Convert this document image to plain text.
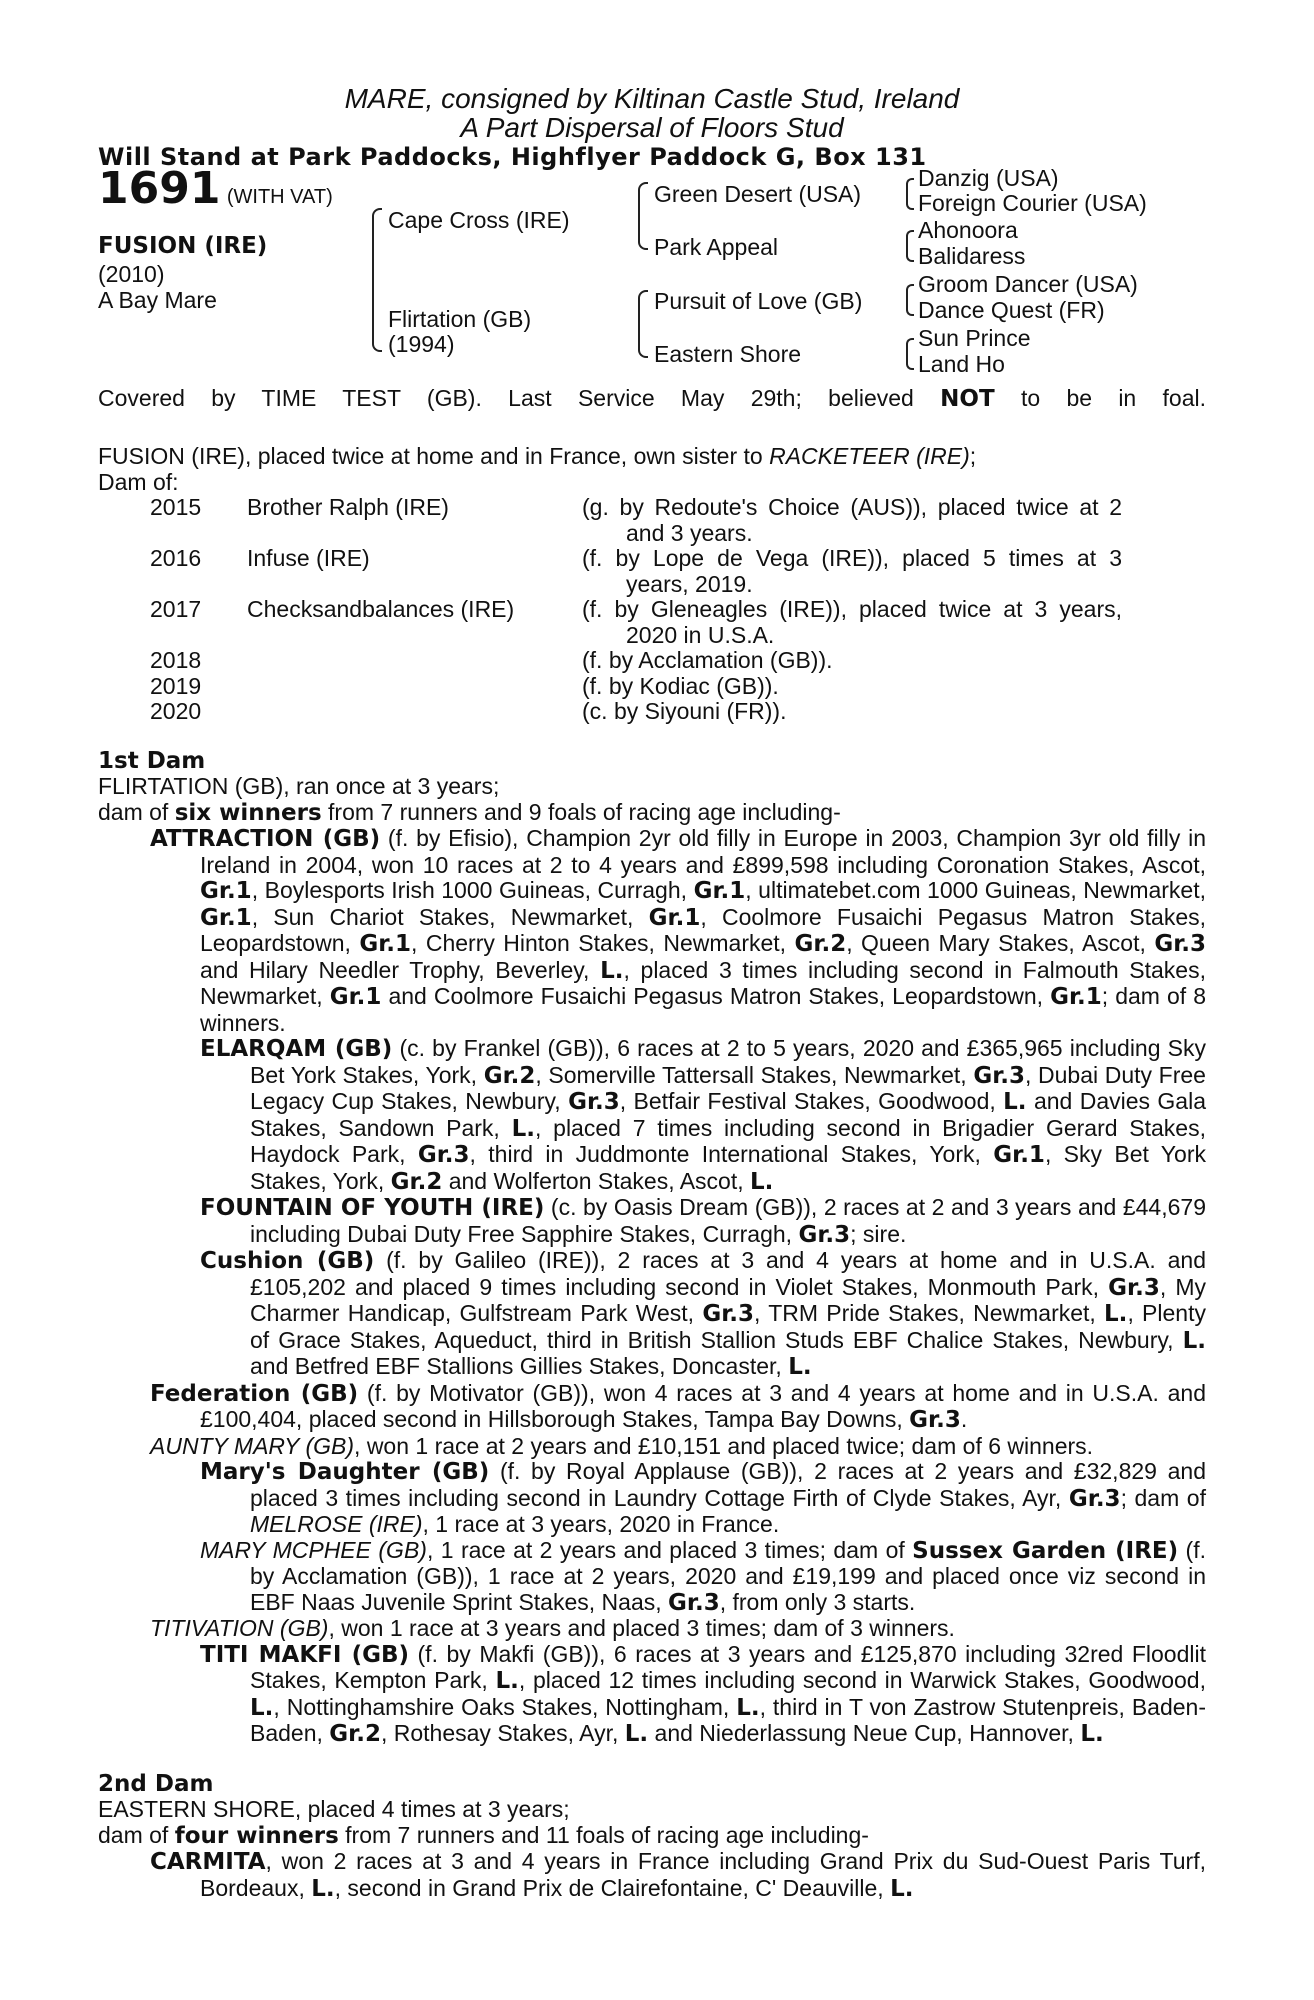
MARE, consigned by Kiltinan Castle Stud, Ireland
A Part Dispersal of Floors Stud
Will Stand at Park Paddocks, Highflyer Paddock G, Box 131
1691 (WITH VAT)
FUSION (IRE)
(2010)
A Bay Mare
Cape Cross (IRE)
Flirtation (GB)
(1994)
Green Desert (USA)
Park Appeal
Pursuit of Love (GB)
Eastern Shore
Danzig (USA)
Foreign Courier (USA)
Ahonoora
Balidaress
Groom Dancer (USA)
Dance Quest (FR)
Sun Prince
Land Ho
Covered by TIME TEST (GB). Last Service May 29th; believed NOT to be in foal.
FUSION (IRE), placed twice at home and in France, own sister to RACKETEER (IRE);
Dam of:
2015	Brother Ralph (IRE)	(g. by Redoute's Choice (AUS)), placed twice at 2 and 3 years.
2016	Infuse (IRE)	(f. by Lope de Vega (IRE)), placed 5 times at 3 years, 2019.
2017	Checksandbalances (IRE)	(f. by Gleneagles (IRE)), placed twice at 3 years, 2020 in U.S.A.
2018	(f. by Acclamation (GB)).
2019	(f. by Kodiac (GB)).
2020	(c. by Siyouni (FR)).
1st Dam
FLIRTATION (GB), ran once at 3 years;
dam of six winners from 7 runners and 9 foals of racing age including-
ATTRACTION (GB) (f. by Efisio), Champion 2yr old filly in Europe in 2003, Champion 3yr old filly in Ireland in 2004, won 10 races at 2 to 4 years and £899,598 including Coronation Stakes, Ascot, Gr.1, Boylesports Irish 1000 Guineas, Curragh, Gr.1, ultimatebet.com 1000 Guineas, Newmarket, Gr.1, Sun Chariot Stakes, Newmarket, Gr.1, Coolmore Fusaichi Pegasus Matron Stakes, Leopardstown, Gr.1, Cherry Hinton Stakes, Newmarket, Gr.2, Queen Mary Stakes, Ascot, Gr.3 and Hilary Needler Trophy, Beverley, L., placed 3 times including second in Falmouth Stakes, Newmarket, Gr.1 and Coolmore Fusaichi Pegasus Matron Stakes, Leopardstown, Gr.1; dam of 8 winners.
ELARQAM (GB) (c. by Frankel (GB)), 6 races at 2 to 5 years, 2020 and £365,965 including Sky Bet York Stakes, York, Gr.2, Somerville Tattersall Stakes, Newmarket, Gr.3, Dubai Duty Free Legacy Cup Stakes, Newbury, Gr.3, Betfair Festival Stakes, Goodwood, L. and Davies Gala Stakes, Sandown Park, L., placed 7 times including second in Brigadier Gerard Stakes, Haydock Park, Gr.3, third in Juddmonte International Stakes, York, Gr.1, Sky Bet York Stakes, York, Gr.2 and Wolferton Stakes, Ascot, L.
FOUNTAIN OF YOUTH (IRE) (c. by Oasis Dream (GB)), 2 races at 2 and 3 years and £44,679 including Dubai Duty Free Sapphire Stakes, Curragh, Gr.3; sire.
Cushion (GB) (f. by Galileo (IRE)), 2 races at 3 and 4 years at home and in U.S.A. and £105,202 and placed 9 times including second in Violet Stakes, Monmouth Park, Gr.3, My Charmer Handicap, Gulfstream Park West, Gr.3, TRM Pride Stakes, Newmarket, L., Plenty of Grace Stakes, Aqueduct, third in British Stallion Studs EBF Chalice Stakes, Newbury, L. and Betfred EBF Stallions Gillies Stakes, Doncaster, L.
Federation (GB) (f. by Motivator (GB)), won 4 races at 3 and 4 years at home and in U.S.A. and £100,404, placed second in Hillsborough Stakes, Tampa Bay Downs, Gr.3.
AUNTY MARY (GB), won 1 race at 2 years and £10,151 and placed twice; dam of 6 winners.
Mary's Daughter (GB) (f. by Royal Applause (GB)), 2 races at 2 years and £32,829 and placed 3 times including second in Laundry Cottage Firth of Clyde Stakes, Ayr, Gr.3; dam of MELROSE (IRE), 1 race at 3 years, 2020 in France.
MARY MCPHEE (GB), 1 race at 2 years and placed 3 times; dam of Sussex Garden (IRE) (f. by Acclamation (GB)), 1 race at 2 years, 2020 and £19,199 and placed once viz second in EBF Naas Juvenile Sprint Stakes, Naas, Gr.3, from only 3 starts.
TITIVATION (GB), won 1 race at 3 years and placed 3 times; dam of 3 winners.
TITI MAKFI (GB) (f. by Makfi (GB)), 6 races at 3 years and £125,870 including 32red Floodlit Stakes, Kempton Park, L., placed 12 times including second in Warwick Stakes, Goodwood, L., Nottinghamshire Oaks Stakes, Nottingham, L., third in T von Zastrow Stutenpreis, Baden-Baden, Gr.2, Rothesay Stakes, Ayr, L. and Niederlassung Neue Cup, Hannover, L.
2nd Dam
EASTERN SHORE, placed 4 times at 3 years;
dam of four winners from 7 runners and 11 foals of racing age including-
CARMITA, won 2 races at 3 and 4 years in France including Grand Prix du Sud-Ouest Paris Turf, Bordeaux, L., second in Grand Prix de Clairefontaine, C' Deauville, L.
